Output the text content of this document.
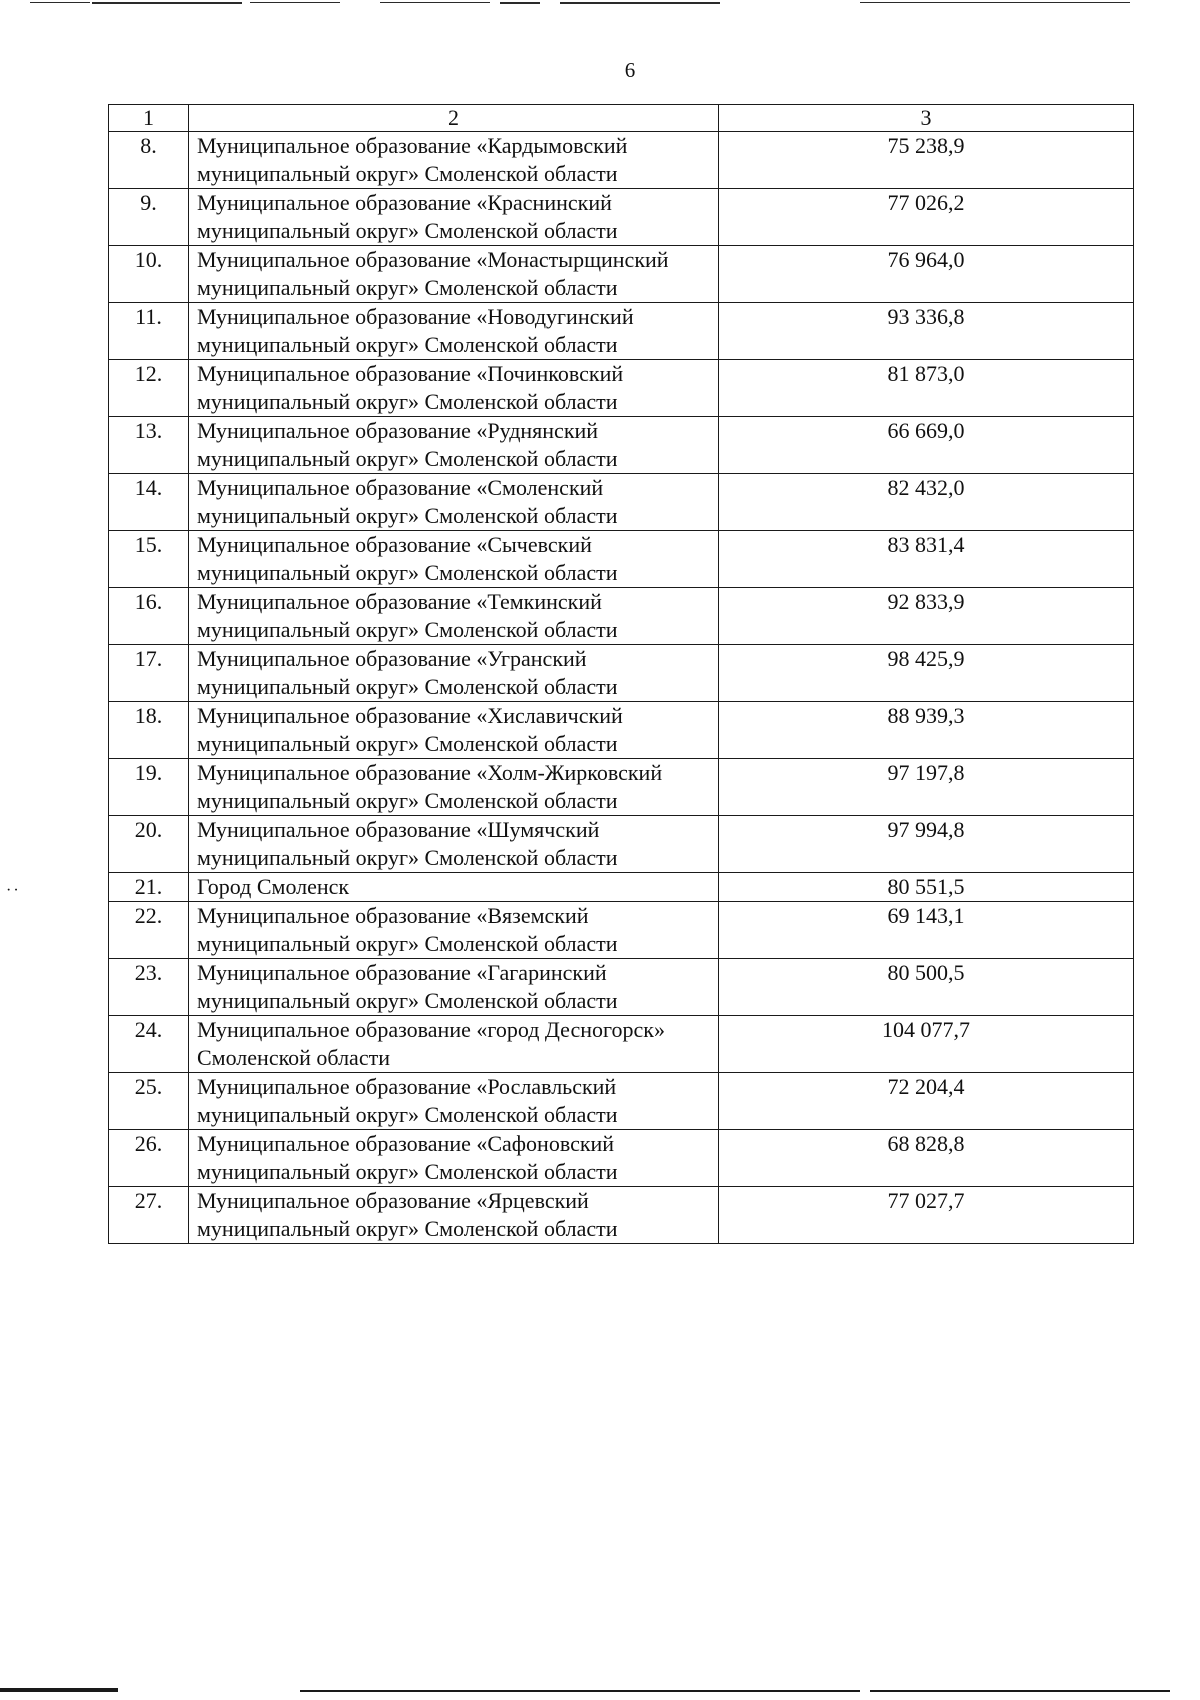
6
··
1	2	3
8.	Муниципальное образование «Кардымовский муниципальный округ» Смоленской области	75 238,9
9.	Муниципальное образование «Краснинский муниципальный округ» Смоленской области	77 026,2
10.	Муниципальное образование «Монастырщинский муниципальный округ» Смоленской области	76 964,0
11.	Муниципальное образование «Новодугинский муниципальный округ» Смоленской области	93 336,8
12.	Муниципальное образование «Починковский муниципальный округ» Смоленской области	81 873,0
13.	Муниципальное образование «Руднянский муниципальный округ» Смоленской области	66 669,0
14.	Муниципальное образование «Смоленский муниципальный округ» Смоленской области	82 432,0
15.	Муниципальное образование «Сычевский муниципальный округ» Смоленской области	83 831,4
16.	Муниципальное образование «Темкинский муниципальный округ» Смоленской области	92 833,9
17.	Муниципальное образование «Угранский муниципальный округ» Смоленской области	98 425,9
18.	Муниципальное образование «Хиславичский муниципальный округ» Смоленской области	88 939,3
19.	Муниципальное образование «Холм-Жирковский муниципальный округ» Смоленской области	97 197,8
20.	Муниципальное образование «Шумячский муниципальный округ» Смоленской области	97 994,8
21.	Город Смоленск	80 551,5
22.	Муниципальное образование «Вяземский муниципальный округ» Смоленской области	69 143,1
23.	Муниципальное образование «Гагаринский муниципальный округ» Смоленской области	80 500,5
24.	Муниципальное образование «город Десногорск» Смоленской области	104 077,7
25.	Муниципальное образование «Рославльский муниципальный округ» Смоленской области	72 204,4
26.	Муниципальное образование «Сафоновский муниципальный округ» Смоленской области	68 828,8
27.	Муниципальное образование «Ярцевский муниципальный округ» Смоленской области	77 027,7
